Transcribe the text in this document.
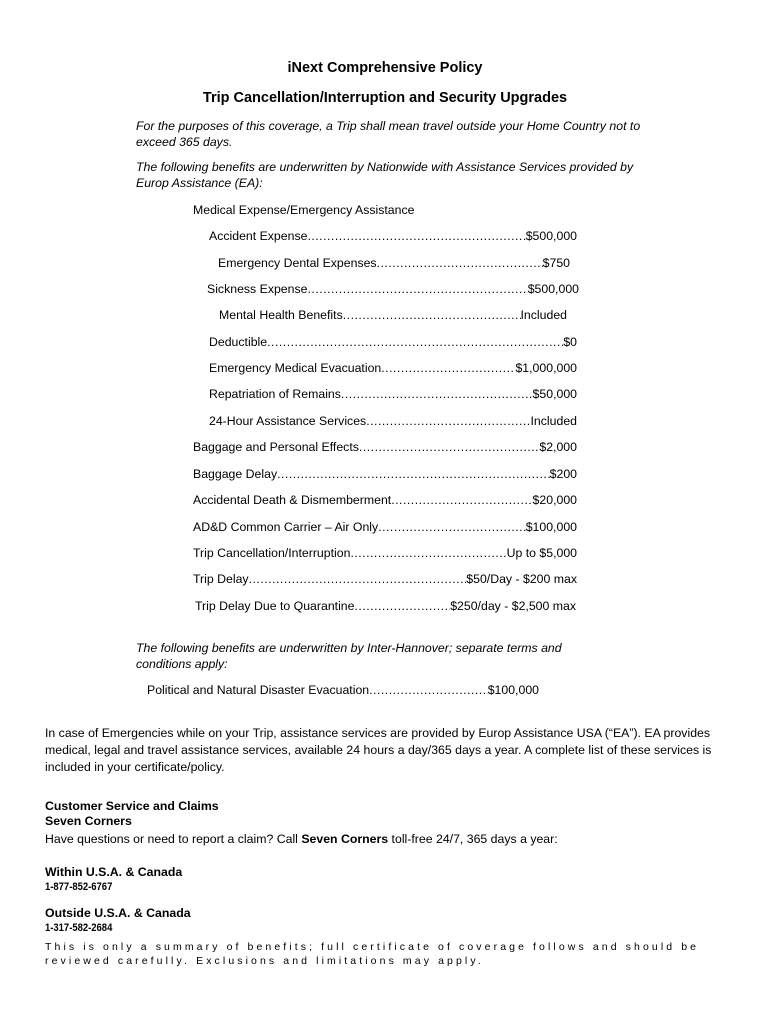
iNext Comprehensive Policy
Trip Cancellation/Interruption and Security Upgrades
For the purposes of this coverage, a Trip shall mean travel outside your Home Country not to exceed 365 days.
The following benefits are underwritten by Nationwide with Assistance Services provided by Europ Assistance (EA):
Medical Expense/Emergency Assistance
Accident Expense .....	$500,000
Emergency Dental Expenses .....	$750
Sickness Expense .....	$500,000
Mental Health Benefits .....	Included
Deductible .....	$0
Emergency Medical Evacuation .....	$1,000,000
Repatriation of Remains .....	$50,000
24-Hour Assistance Services .....	Included
Baggage and Personal Effects .....	$2,000
Baggage Delay .....	$200
Accidental Death & Dismemberment .....	$20,000
AD&D Common Carrier – Air Only .....	$100,000
Trip Cancellation/Interruption .....	Up to $5,000
Trip Delay .....	$50/Day - $200 max
Trip Delay Due to Quarantine .....	$250/day - $2,500 max
The following benefits are underwritten by Inter-Hannover; separate terms and conditions apply:
Political and Natural Disaster Evacuation .....	$100,000
In case of Emergencies while on your Trip, assistance services are provided by Europ Assistance USA (“EA”). EA provides medical, legal and travel assistance services, available 24 hours a day/365 days a year. A complete list of these services is included in your certificate/policy.
Customer Service and Claims
Seven Corners
Have questions or need to report a claim? Call Seven Corners toll-free 24/7, 365 days a year:
Within U.S.A. & Canada
1-877-852-6767
Outside U.S.A. & Canada
1-317-582-2684
This is only a summary of benefits; full certificate of coverage follows and should be reviewed carefully. Exclusions and limitations may apply.
